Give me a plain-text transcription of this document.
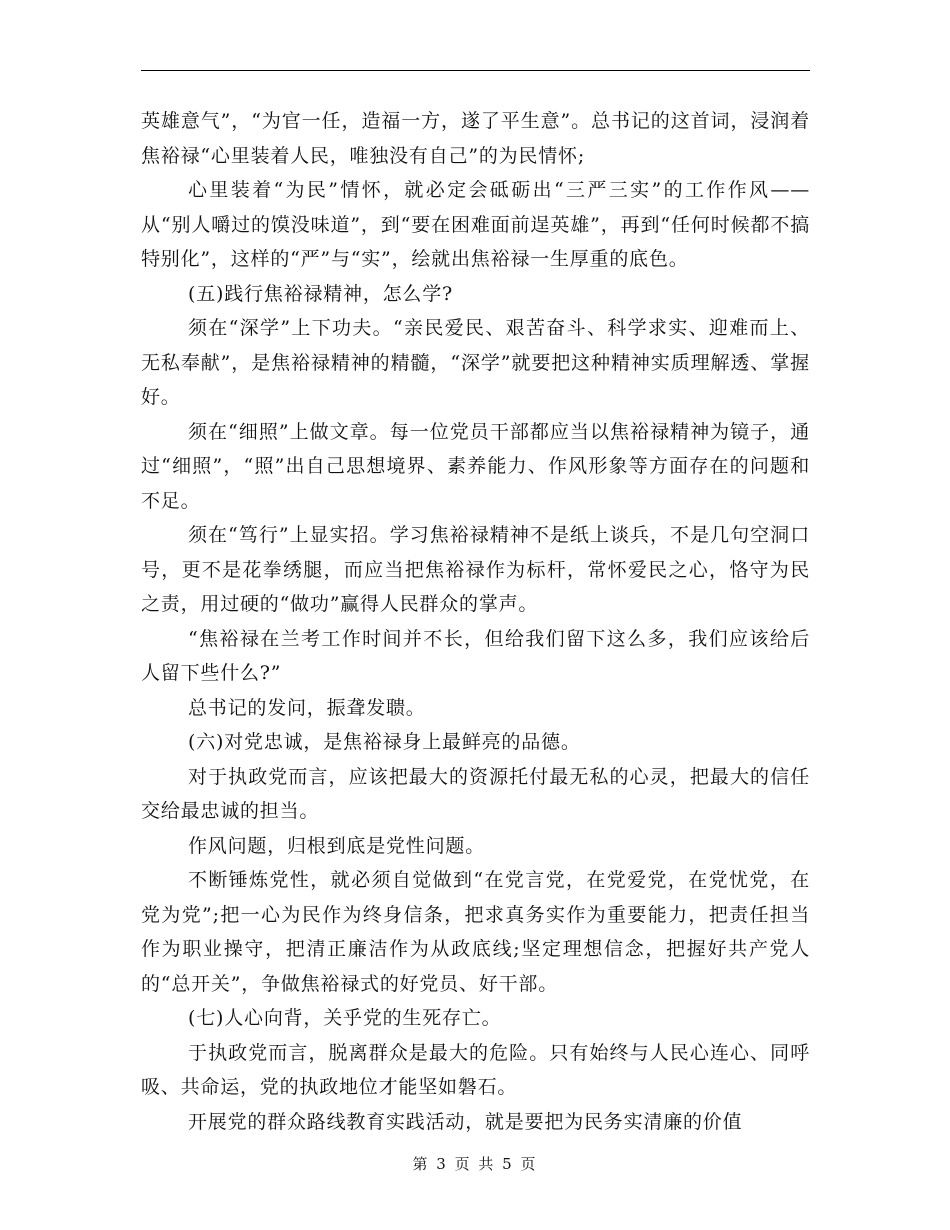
英雄意气”，“为官一任，造福一方，遂了平生意”。总书记的这首词，浸润着焦裕禄“心里装着人民，唯独没有自己”的为民情怀;

心里装着“为民”情怀，就必定会砥砺出“三严三实”的工作作风——从“别人嚼过的馍没味道”，到“要在困难面前逞英雄”，再到“任何时候都不搞特别化”，这样的“严”与“实”，绘就出焦裕禄一生厚重的底色。

(五)践行焦裕禄精神，怎么学?

须在“深学”上下功夫。“亲民爱民、艰苦奋斗、科学求实、迎难而上、无私奉献”，是焦裕禄精神的精髓，“深学”就要把这种精神实质理解透、掌握好。

须在“细照”上做文章。每一位党员干部都应当以焦裕禄精神为镜子，通过“细照”，“照”出自己思想境界、素养能力、作风形象等方面存在的问题和不足。

须在“笃行”上显实招。学习焦裕禄精神不是纸上谈兵，不是几句空洞口号，更不是花拳绣腿，而应当把焦裕禄作为标杆，常怀爱民之心，恪守为民之责，用过硬的“做功”赢得人民群众的掌声。

“焦裕禄在兰考工作时间并不长，但给我们留下这么多，我们应该给后人留下些什么?”

总书记的发问，振聋发聩。

(六)对党忠诚，是焦裕禄身上最鲜亮的品德。

对于执政党而言，应该把最大的资源托付最无私的心灵，把最大的信任交给最忠诚的担当。

作风问题，归根到底是党性问题。

不断锤炼党性，就必须自觉做到“在党言党，在党爱党，在党忧党，在党为党”;把一心为民作为终身信条，把求真务实作为重要能力，把责任担当作为职业操守，把清正廉洁作为从政底线;坚定理想信念，把握好共产党人的“总开关”，争做焦裕禄式的好党员、好干部。

(七)人心向背，关乎党的生死存亡。

于执政党而言，脱离群众是最大的危险。只有始终与人民心连心、同呼吸、共命运，党的执政地位才能坚如磐石。

开展党的群众路线教育实践活动，就是要把为民务实清廉的价值

第 3 页 共 5 页
